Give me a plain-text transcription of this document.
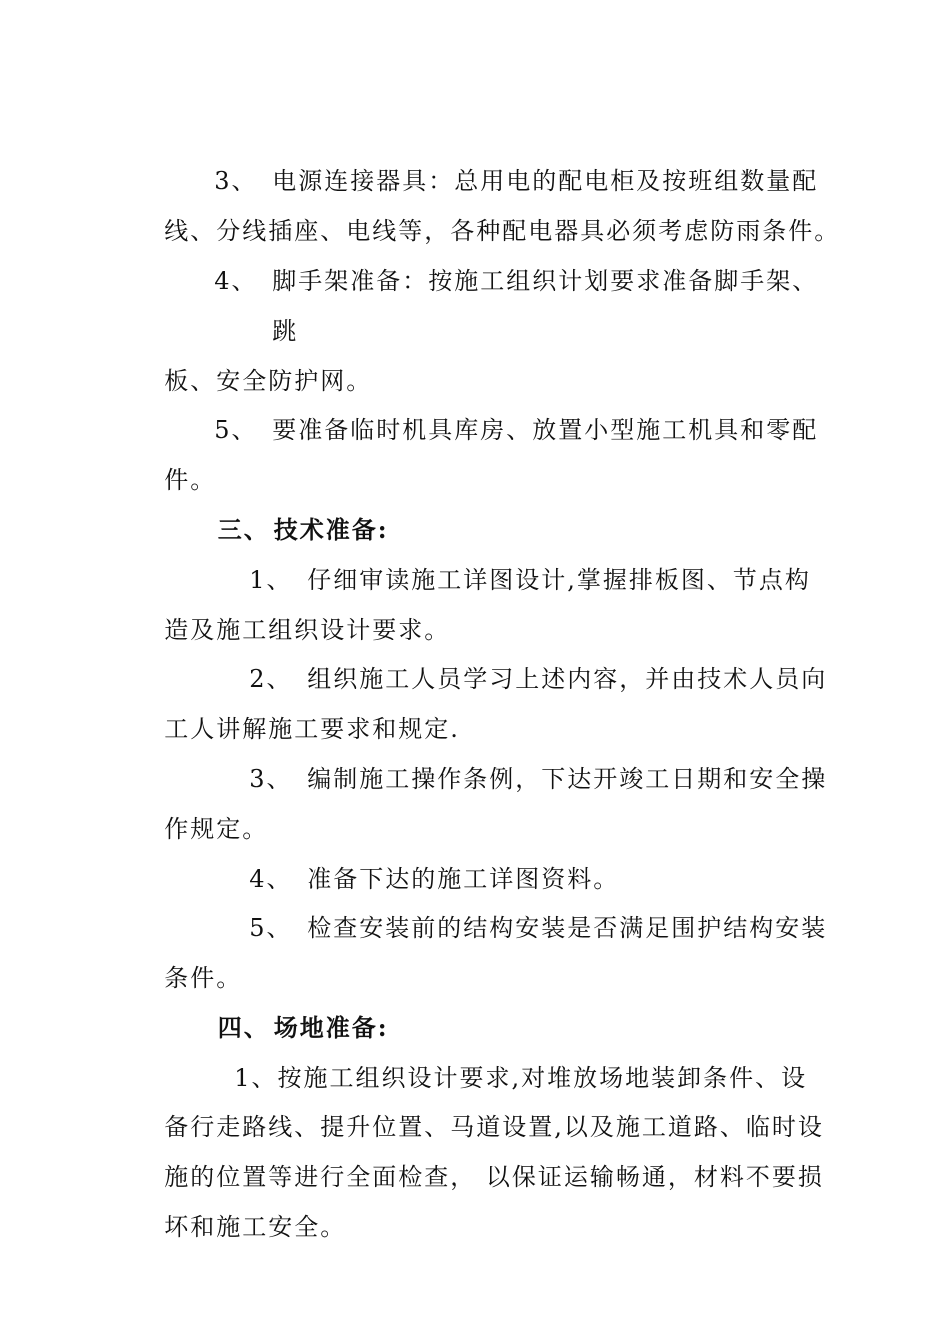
3、 电源连接器具：总用电的配电柜及按班组数量配

线、分线插座、电线等，各种配电器具必须考虑防雨条件。

4、 脚手架准备：按施工组织计划要求准备脚手架、

跳

板、安全防护网。

5、 要准备临时机具库房、放置小型施工机具和零配

件。

三、 技术准备:

1、 仔细审读施工详图设计,掌握排板图、节点构

造及施工组织设计要求。

2、 组织施工人员学习上述内容，并由技术人员向

工人讲解施工要求和规定.

3、 编制施工操作条例，下达开竣工日期和安全操

作规定。

4、 准备下达的施工详图资料。

5、 检查安装前的结构安装是否满足围护结构安装

条件。

四、 场地准备:

1、按施工组织设计要求,对堆放场地装卸条件、设

备行走路线、提升位置、马道设置,以及施工道路、临时设

施的位置等进行全面检查， 以保证运输畅通，材料不要损

坏和施工安全。
